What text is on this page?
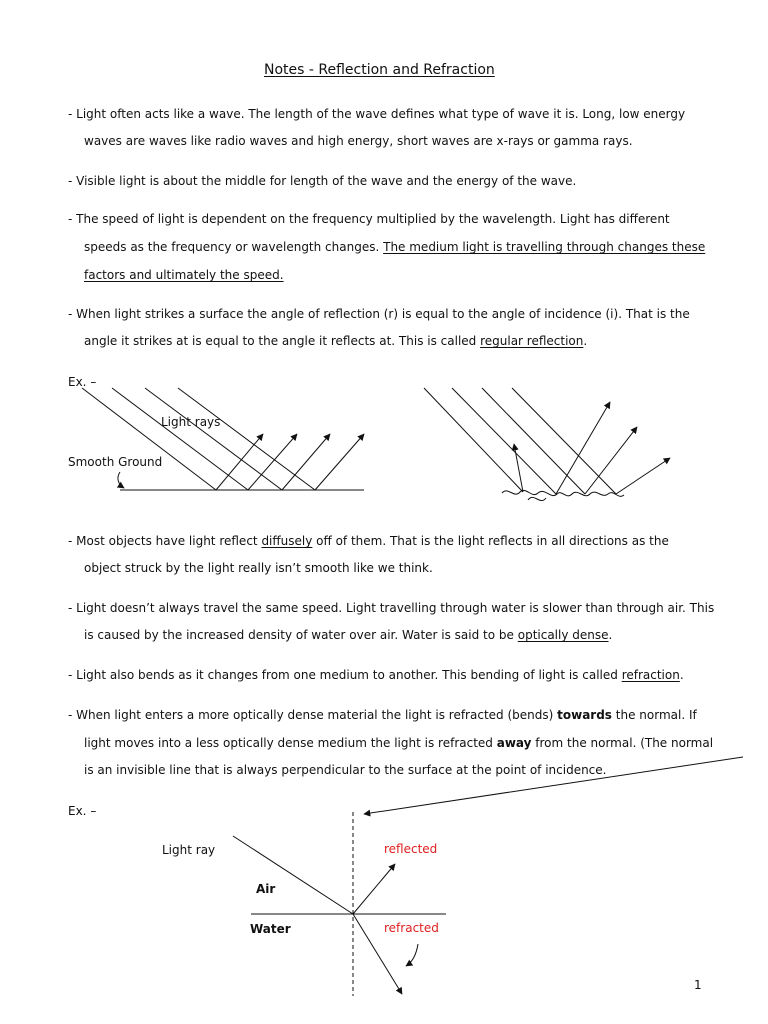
Notes - Reflection and Refraction
- Light often acts like a wave. The length of the wave defines what type of wave it is. Long, low energy
waves are waves like radio waves and high energy, short waves are x-rays or gamma rays.
- Visible light is about the middle for length of the wave and the energy of the wave.
- The speed of light is dependent on the frequency multiplied by the wavelength. Light has different
speeds as the frequency or wavelength changes. The medium light is travelling through changes these
factors and ultimately the speed.
- When light strikes a surface the angle of reflection (r) is equal to the angle of incidence (i). That is the
angle it strikes at is equal to the angle it reflects at. This is called regular reflection.
Ex. –
Light rays
Smooth Ground
- Most objects have light reflect diffusely off of them. That is the light reflects in all directions as the
object struck by the light really isn’t smooth like we think.
- Light doesn’t always travel the same speed. Light travelling through water is slower than through air. This
is caused by the increased density of water over air. Water is said to be optically dense.
- Light also bends as it changes from one medium to another. This bending of light is called refraction.
- When light enters a more optically dense material the light is refracted (bends) towards the normal. If
light moves into a less optically dense medium the light is refracted away from the normal. (The normal
is an invisible line that is always perpendicular to the surface at the point of incidence.
Ex. –
Light ray	reflected
Air
Water	refracted
1
